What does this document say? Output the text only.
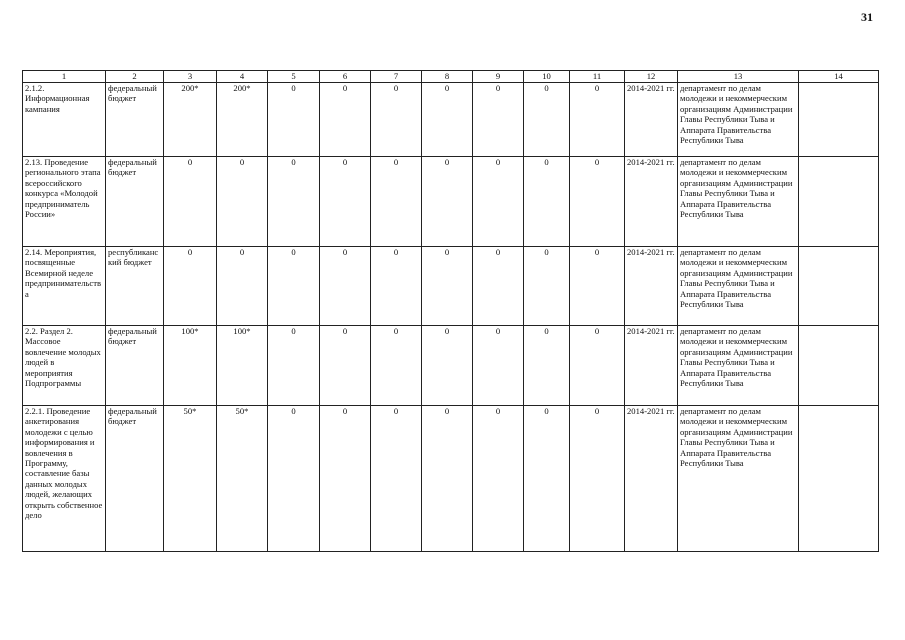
31
1	2	3	4	5	6	7	8	9	10	11	12	13	14
2.1.2. Информационная кампания	федеральный бюджет	200*	200*	0	0	0	0	0	0	0	2014-2021 гг.	департамент по делам молодежи и некоммерческим организациям Администрации Главы Республики Тыва и Аппарата Правительства Республики Тыва	
2.13. Проведение регионального этапа всероссийского конкурса «Молодой предприниматель России»	федеральный бюджет	0	0	0	0	0	0	0	0	0	2014-2021 гг.	департамент по делам молодежи и некоммерческим организациям Администрации Главы Республики Тыва и Аппарата Правительства Республики Тыва	
2.14. Мероприятия, посвященные Всемирной неделе предпринимательства	республиканский бюджет	0	0	0	0	0	0	0	0	0	2014-2021 гг.	департамент по делам молодежи и некоммерческим организациям Администрации Главы Республики Тыва и Аппарата Правительства Республики Тыва	
2.2. Раздел 2. Массовое вовлечение молодых людей в мероприятия Подпрограммы	федеральный бюджет	100*	100*	0	0	0	0	0	0	0	2014-2021 гг.	департамент по делам молодежи и некоммерческим организациям Администрации Главы Республики Тыва и Аппарата Правительства Республики Тыва	
2.2.1. Проведение анкетирования молодежи с целью информирования и вовлечения в Программу, составление базы данных молодых людей, желающих открыть собственное дело	федеральный бюджет	50*	50*	0	0	0	0	0	0	0	2014-2021 гг.	департамент по делам молодежи и некоммерческим организациям Администрации Главы Республики Тыва и Аппарата Правительства Республики Тыва	
